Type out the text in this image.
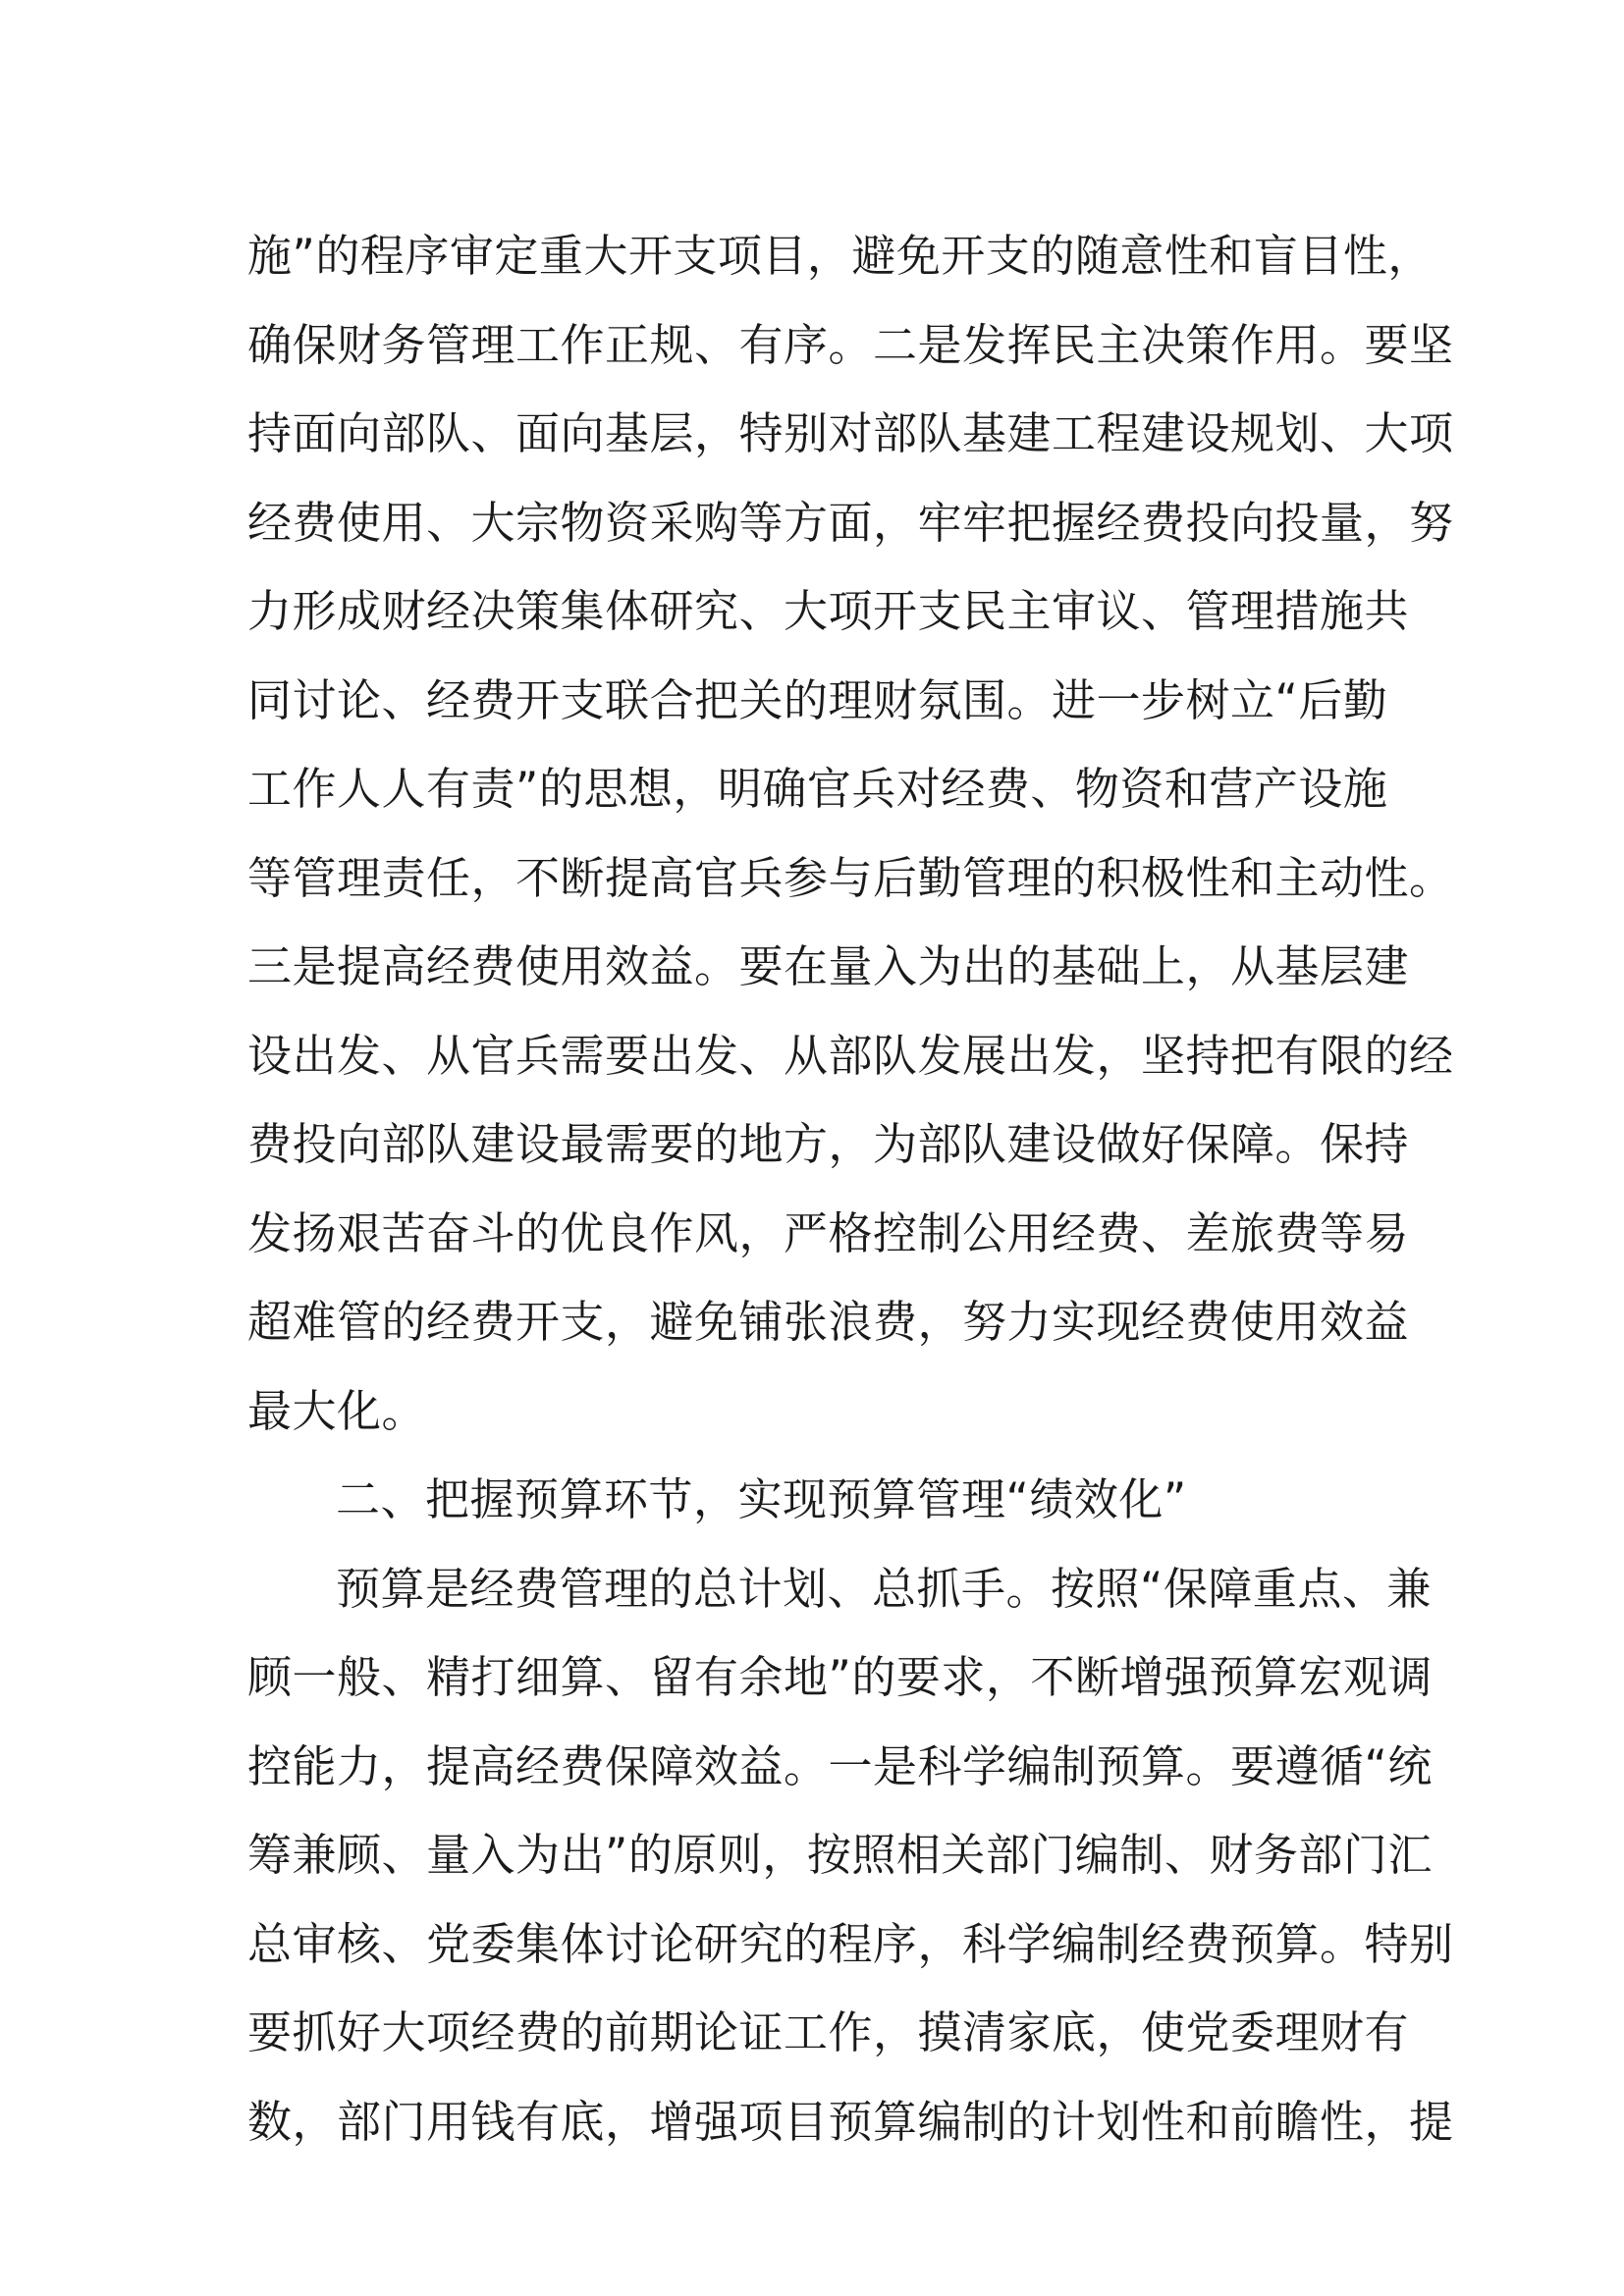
施”的程序审定重大开支项目，避免开支的随意性和盲目性，
确保财务管理工作正规、有序。二是发挥民主决策作用。要坚
持面向部队、面向基层，特别对部队基建工程建设规划、大项
经费使用、大宗物资采购等方面，牢牢把握经费投向投量，努
力形成财经决策集体研究、大项开支民主审议、管理措施共
同讨论、经费开支联合把关的理财氛围。进一步树立“后勤
工作人人有责”的思想，明确官兵对经费、物资和营产设施
等管理责任，不断提高官兵参与后勤管理的积极性和主动性。
三是提高经费使用效益。要在量入为出的基础上，从基层建
设出发、从官兵需要出发、从部队发展出发，坚持把有限的经
费投向部队建设最需要的地方，为部队建设做好保障。保持
发扬艰苦奋斗的优良作风，严格控制公用经费、差旅费等易
超难管的经费开支，避免铺张浪费，努力实现经费使用效益
最大化。
二、把握预算环节，实现预算管理“绩效化”
预算是经费管理的总计划、总抓手。按照“保障重点、兼
顾一般、精打细算、留有余地”的要求，不断增强预算宏观调
控能力，提高经费保障效益。一是科学编制预算。要遵循“统
筹兼顾、量入为出”的原则，按照相关部门编制、财务部门汇
总审核、党委集体讨论研究的程序，科学编制经费预算。特别
要抓好大项经费的前期论证工作，摸清家底，使党委理财有
数，部门用钱有底，增强项目预算编制的计划性和前瞻性，提
